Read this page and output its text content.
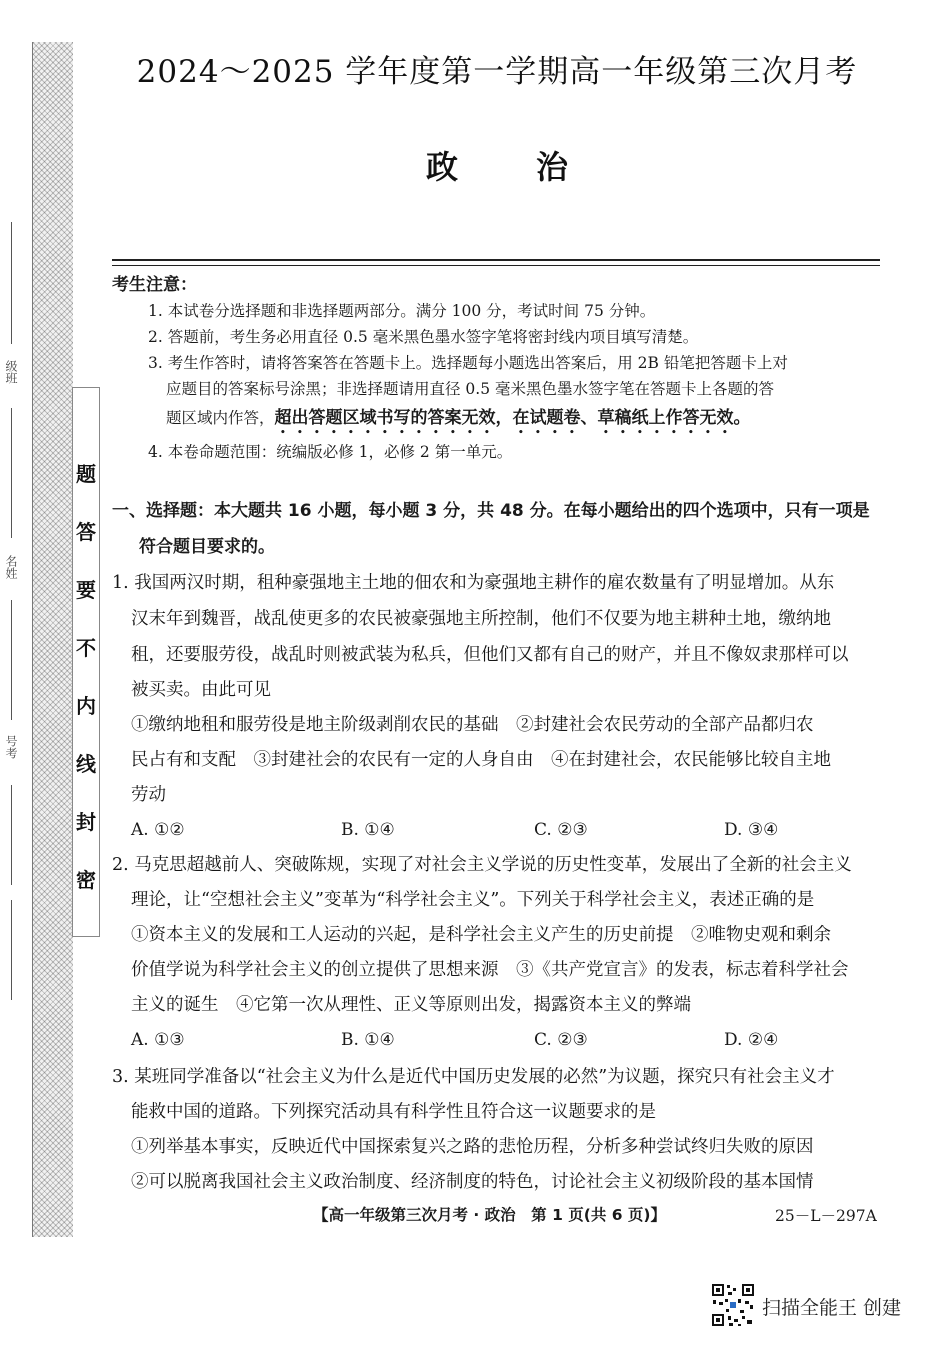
题
答
要
不
内
线
封
密
级班
名姓
号考
2024～2025 学年度第一学期高一年级第三次月考
政治
考生注意：
1. 本试卷分选择题和非选择题两部分。满分 100 分，考试时间 75 分钟。
2. 答题前，考生务必用直径 0.5 毫米黑色墨水签字笔将密封线内项目填写清楚。
3. 考生作答时，请将答案答在答题卡上。选择题每小题选出答案后，用 2B 铅笔把答题卡上对
应题目的答案标号涂黑；非选择题请用直径 0.5 毫米黑色墨水签字笔在答题卡上各题的答
题区域内作答，超出答题区域书写的答案无效，在试题卷、草稿纸上作答无效。
4. 本卷命题范围：统编版必修 1，必修 2 第一单元。
一、选择题：本大题共 16 小题，每小题 3 分，共 48 分。在每小题给出的四个选项中，只有一项是
符合题目要求的。
1. 我国两汉时期，租种豪强地主土地的佃农和为豪强地主耕作的雇农数量有了明显增加。从东
汉末年到魏晋，战乱使更多的农民被豪强地主所控制，他们不仅要为地主耕种土地，缴纳地
租，还要服劳役，战乱时则被武装为私兵，但他们又都有自己的财产，并且不像奴隶那样可以
被买卖。由此可见
①缴纳地租和服劳役是地主阶级剥削农民的基础　②封建社会农民劳动的全部产品都归农
民占有和支配　③封建社会的农民有一定的人身自由　④在封建社会，农民能够比较自主地
劳动
A. ①②	B. ①④	C. ②③	D. ③④
2. 马克思超越前人、突破陈规，实现了对社会主义学说的历史性变革，发展出了全新的社会主义
理论，让“空想社会主义”变革为“科学社会主义”。下列关于科学社会主义，表述正确的是
①资本主义的发展和工人运动的兴起，是科学社会主义产生的历史前提　②唯物史观和剩余
价值学说为科学社会主义的创立提供了思想来源　③《共产党宣言》的发表，标志着科学社会
主义的诞生　④它第一次从理性、正义等原则出发，揭露资本主义的弊端
A. ①③	B. ①④	C. ②③	D. ②④
3. 某班同学准备以“社会主义为什么是近代中国历史发展的必然”为议题，探究只有社会主义才
能救中国的道路。下列探究活动具有科学性且符合这一议题要求的是
①列举基本事实，反映近代中国探索复兴之路的悲怆历程，分析多种尝试终归失败的原因
②可以脱离我国社会主义政治制度、经济制度的特色，讨论社会主义初级阶段的基本国情
【高一年级第三次月考 · 政治　第 1 页(共 6 页)】	25－L－297A
扫描全能王 创建
